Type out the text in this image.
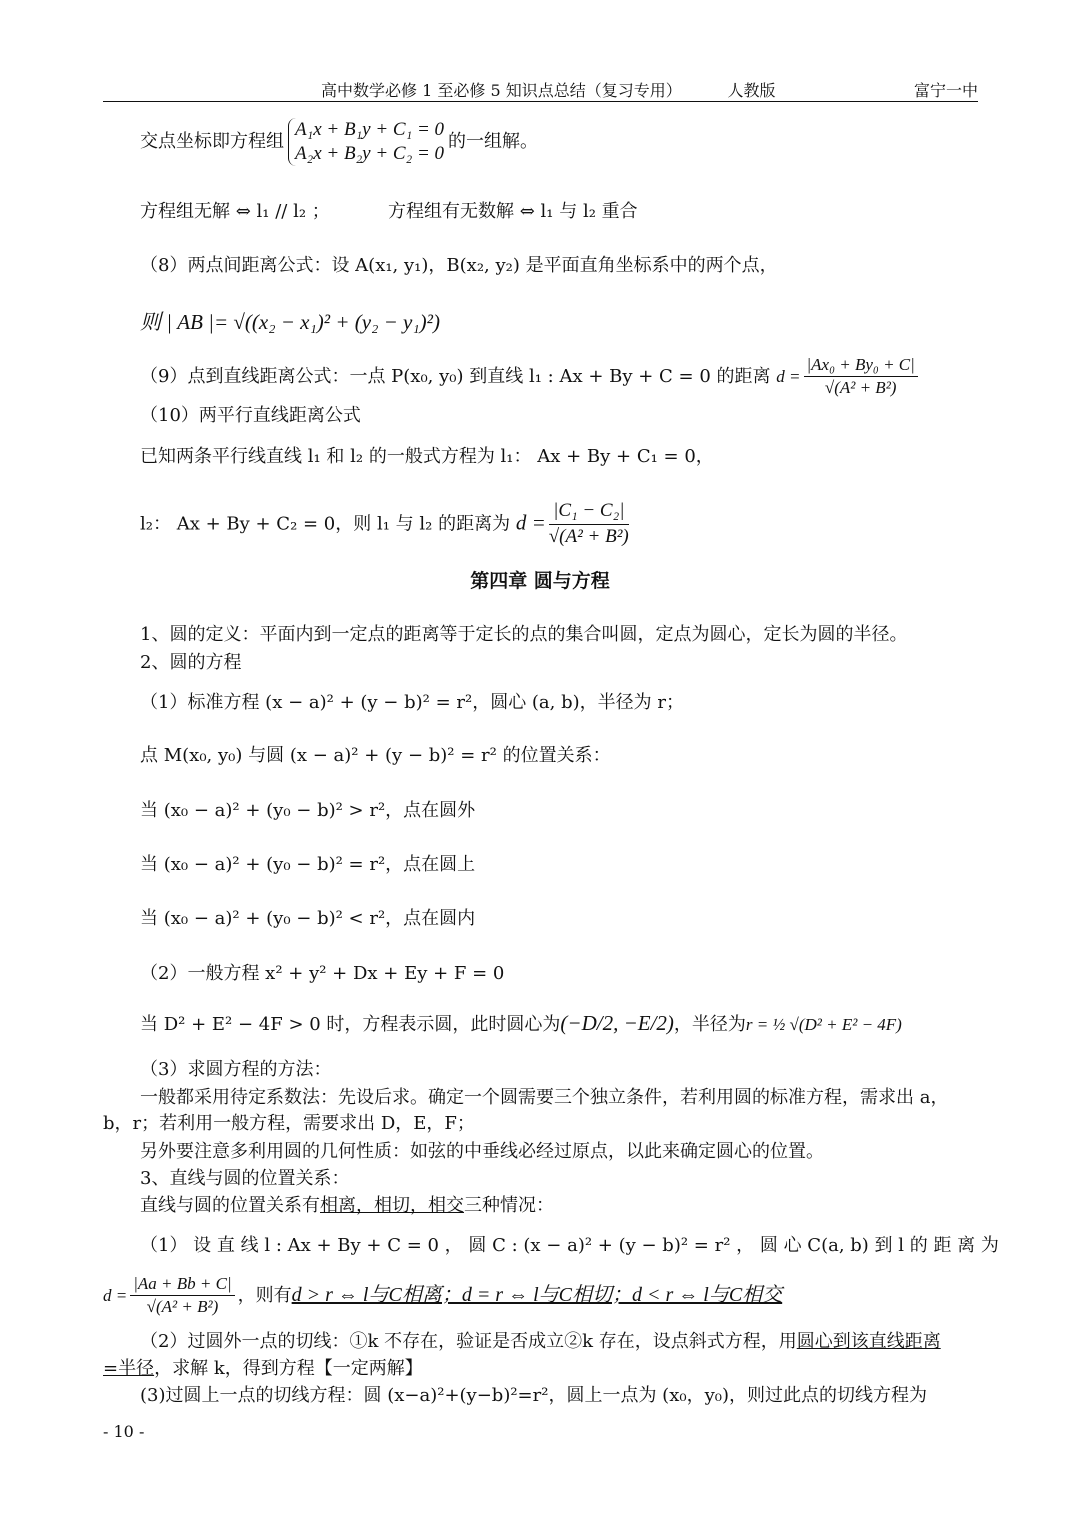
高中数学必修 1 至必修 5 知识点总结（复习专用）	人教版	富宁一中
交点坐标即方程组
A₁x + B₁y + C₁ = 0
A₂x + B₂y + C₂ = 0
的一组解。
方程组无解 ⇔ l₁ // l₂ ；	方程组有无数解 ⇔ l₁ 与 l₂ 重合
（8）两点间距离公式：设 A(x₁, y₁)，B(x₂, y₂) 是平面直角坐标系中的两个点，
则 | AB |= √((x₂ − x₁)² + (y₂ − y₁)²)
（9）点到直线距离公式：一点 P(x₀, y₀) 到直线 l₁ : Ax + By + C = 0 的距离 $d = \frac{\text{|Ax₀ + By₀ + C|}}{\text{√(A² + B²)}}$
（10）两平行直线距离公式
已知两条平行线直线 l₁ 和 l₂ 的一般式方程为 l₁： Ax + By + C₁ = 0，
l₂： Ax + By + C₂ = 0，则 l₁ 与 l₂ 的距离为 $d = \frac{\text{|C₁ − C₂|}}{\text{√(A² + B²)}}$
第四章 圆与方程
1、圆的定义：平面内到一定点的距离等于定长的点的集合叫圆，定点为圆心，定长为圆的半径。
2、圆的方程
（1）标准方程 (x − a)² + (y − b)² = r²，圆心 (a, b)，半径为 r；
点 M(x₀, y₀) 与圆 (x − a)² + (y − b)² = r² 的位置关系：
当 (x₀ − a)² + (y₀ − b)² > r²，点在圆外
当 (x₀ − a)² + (y₀ − b)² = r²，点在圆上
当 (x₀ − a)² + (y₀ − b)² < r²，点在圆内
（2）一般方程 x² + y² + Dx + Ey + F = 0
当 D² + E² − 4F > 0 时，方程表示圆，此时圆心为(−D/2, −E/2)，半径为r = ½ √(D² + E² − 4F)
（3）求圆方程的方法：
一般都采用待定系数法：先设后求。确定一个圆需要三个独立条件，若利用圆的标准方程，需求出 a，
b，r；若利用一般方程，需要求出 D，E，F；
另外要注意多利用圆的几何性质：如弦的中垂线必经过原点，以此来确定圆心的位置。
3、直线与圆的位置关系：
直线与圆的位置关系有相离，相切，相交三种情况：
（1） 设 直 线 l : Ax + By + C = 0 ， 圆 C : (x − a)² + (y − b)² = r² ， 圆 心 C(a, b) 到 l 的 距 离 为
$d = \frac{|Aa + Bb + C|}{\text{√(A² + B²)}}$ ，则有d > r ⇔ l与C相离；d = r ⇔ l与C相切；d < r ⇔ l与C相交
（2）过圆外一点的切线：①k 不存在，验证是否成立②k 存在，设点斜式方程，用圆心到该直线距离
=半径，求解 k，得到方程【一定两解】
(3)过圆上一点的切线方程：圆 (x−a)²+(y−b)²=r²，圆上一点为 (x₀，y₀)，则过此点的切线方程为
- 10 -
